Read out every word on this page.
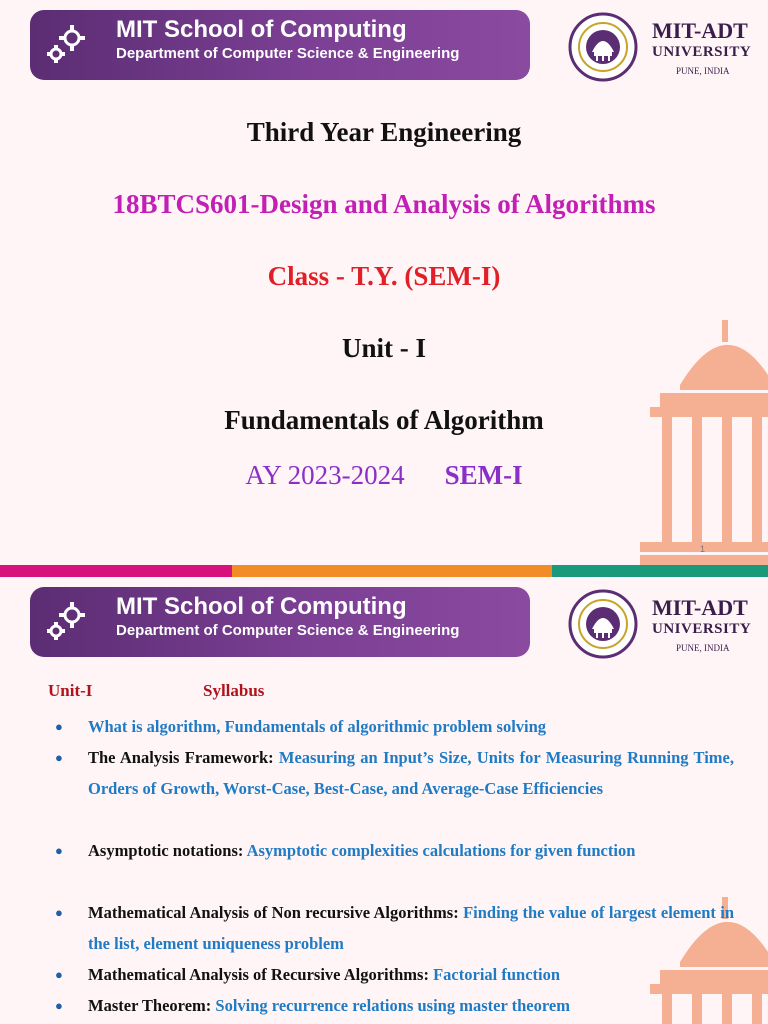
MIT School of Computing
Department of Computer Science & Engineering
MIT-ADT
UNIVERSITY
PUNE, INDIA
Third Year Engineering
18BTCS601-Design and Analysis of Algorithms
Class - T.Y. (SEM-I)
Unit - I
Fundamentals of Algorithm
AY 2023-2024 SEM-I
1
MIT School of Computing
Department of Computer Science & Engineering
MIT-ADT
UNIVERSITY
PUNE, INDIA
Unit-I	Syllabus
● What is algorithm, Fundamentals of algorithmic problem solving
● The Analysis Framework: Measuring an Input’s Size, Units for Measuring Running Time, Orders of Growth, Worst-Case, Best-Case, and Average-Case Efficiencies
● Asymptotic notations: Asymptotic complexities calculations for given function
● Mathematical Analysis of Non recursive Algorithms: Finding the value of largest element in the list, element uniqueness problem
● Mathematical Analysis of Recursive Algorithms: Factorial function
● Master Theorem: Solving recurrence relations using master theorem
